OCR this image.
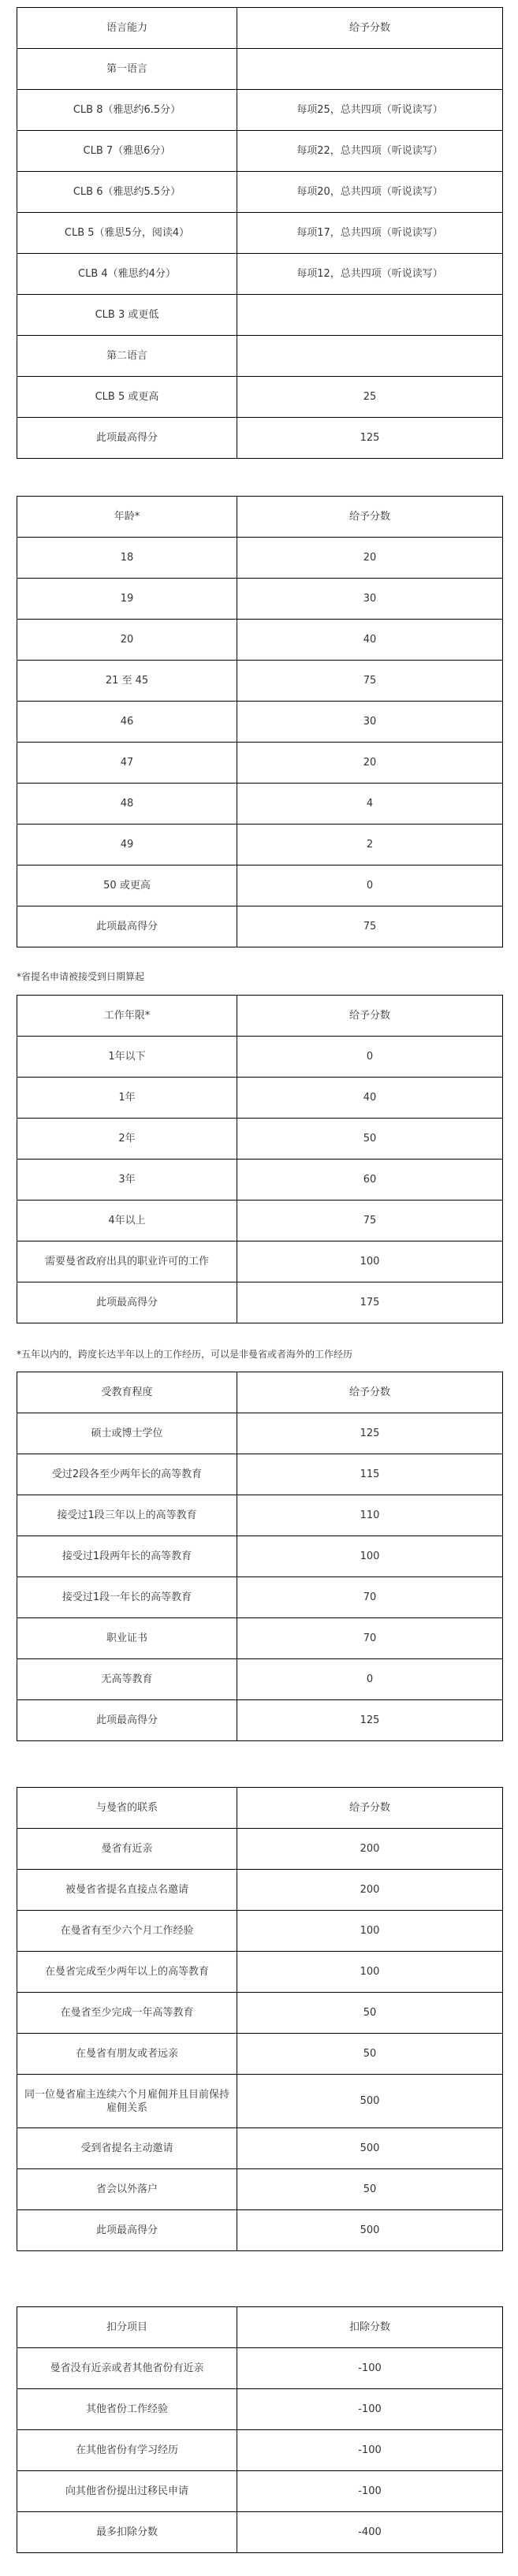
语言能力	给予分数
第一语言	
CLB 8（雅思约6.5分）	每项25，总共四项（听说读写）
CLB 7（雅思6分）	每项22，总共四项（听说读写）
CLB 6（雅思约5.5分）	每项20，总共四项（听说读写）
CLB 5（雅思5分，阅读4）	每项17，总共四项（听说读写）
CLB 4（雅思约4分）	每项12，总共四项（听说读写）
CLB 3 或更低	
第二语言	
CLB 5 或更高	25
此项最高得分	125
年龄*	给予分数
18	20
19	30
20	40
21 至 45	75
46	30
47	20
48	4
49	2
50 或更高	0
此项最高得分	75
*省提名申请被接受到日期算起
工作年限*	给予分数
1年以下	0
1年	40
2年	50
3年	60
4年以上	75
需要曼省政府出具的职业许可的工作	100
此项最高得分	175
*五年以内的，跨度长达半年以上的工作经历，可以是非曼省或者海外的工作经历
受教育程度	给予分数
硕士或博士学位	125
受过2段各至少两年长的高等教育	115
接受过1段三年以上的高等教育	110
接受过1段两年长的高等教育	100
接受过1段一年长的高等教育	70
职业证书	70
无高等教育	0
此项最高得分	125
与曼省的联系	给予分数
曼省有近亲	200
被曼省省提名直接点名邀请	200
在曼省有至少六个月工作经验	100
在曼省完成至少两年以上的高等教育	100
在曼省至少完成一年高等教育	50
在曼省有朋友或者远亲	50
同一位曼省雇主连续六个月雇佣并且目前保持雇佣关系	500
受到省提名主动邀请	500
省会以外落户	50
此项最高得分	500
扣分项目	扣除分数
曼省没有近亲或者其他省份有近亲	-100
其他省份工作经验	-100
在其他省份有学习经历	-100
向其他省份提出过移民申请	-100
最多扣除分数	-400
